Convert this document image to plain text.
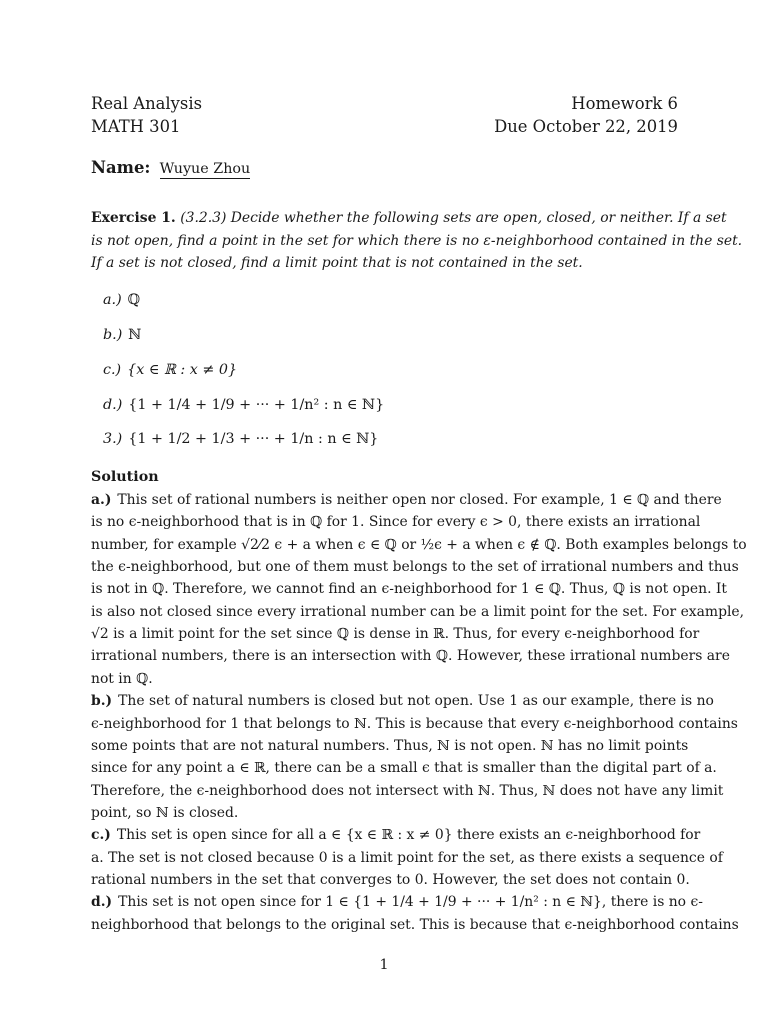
Real Analysis
MATH 301
Homework 6
Due October 22, 2019
Name: Wuyue Zhou
Exercise 1. (3.2.3) Decide whether the following sets are open, closed, or neither. If a set
is not open, find a point in the set for which there is no ε-neighborhood contained in the set.
If a set is not closed, find a limit point that is not contained in the set.
a.) ℚ
b.) ℕ
c.) {x ∈ ℝ : x ≠ 0}
d.) {1 + 1/4 + 1/9 + ··· + 1/n² : n ∈ ℕ}
3.) {1 + 1/2 + 1/3 + ··· + 1/n : n ∈ ℕ}
Solution
a.) This set of rational numbers is neither open nor closed. For example, 1 ∈ ℚ and there
is no ϵ-neighborhood that is in ℚ for 1. Since for every ϵ > 0, there exists an irrational
number, for example √2⁄2 ϵ + a when ϵ ∈ ℚ or ½ϵ + a when ϵ ∉ ℚ. Both examples belongs to
the ϵ-neighborhood, but one of them must belongs to the set of irrational numbers and thus
is not in ℚ. Therefore, we cannot find an ϵ-neighborhood for 1 ∈ ℚ. Thus, ℚ is not open. It
is also not closed since every irrational number can be a limit point for the set. For example,
√2 is a limit point for the set since ℚ is dense in ℝ. Thus, for every ϵ-neighborhood for
irrational numbers, there is an intersection with ℚ. However, these irrational numbers are
not in ℚ.
b.) The set of natural numbers is closed but not open. Use 1 as our example, there is no
ϵ-neighborhood for 1 that belongs to ℕ. This is because that every ϵ-neighborhood contains
some points that are not natural numbers. Thus, ℕ is not open. ℕ has no limit points
since for any point a ∈ ℝ, there can be a small ϵ that is smaller than the digital part of a.
Therefore, the ϵ-neighborhood does not intersect with ℕ. Thus, ℕ does not have any limit
point, so ℕ is closed.
c.) This set is open since for all a ∈ {x ∈ ℝ : x ≠ 0} there exists an ϵ-neighborhood for
a. The set is not closed because 0 is a limit point for the set, as there exists a sequence of
rational numbers in the set that converges to 0. However, the set does not contain 0.
d.) This set is not open since for 1 ∈ {1 + 1/4 + 1/9 + ··· + 1/n² : n ∈ ℕ}, there is no ϵ-
neighborhood that belongs to the original set. This is because that ϵ-neighborhood contains
1
